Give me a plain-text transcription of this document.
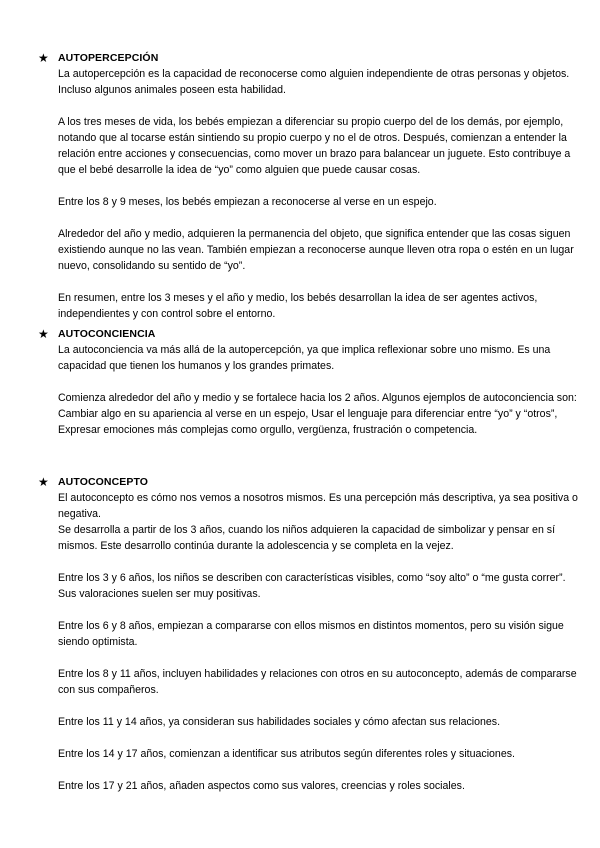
★ AUTOPERCEPCIÓN

La autopercepción es la capacidad de reconocerse como alguien independiente de otras personas y objetos. Incluso algunos animales poseen esta habilidad.

A los tres meses de vida, los bebés empiezan a diferenciar su propio cuerpo del de los demás, por ejemplo, notando que al tocarse están sintiendo su propio cuerpo y no el de otros. Después, comienzan a entender la relación entre acciones y consecuencias, como mover un brazo para balancear un juguete. Esto contribuye a que el bebé desarrolle la idea de “yo” como alguien que puede causar cosas.

Entre los 8 y 9 meses, los bebés empiezan a reconocerse al verse en un espejo.

Alrededor del año y medio, adquieren la permanencia del objeto, que significa entender que las cosas siguen existiendo aunque no las vean. También empiezan a reconocerse aunque lleven otra ropa o estén en un lugar nuevo, consolidando su sentido de “yo”.

En resumen, entre los 3 meses y el año y medio, los bebés desarrollan la idea de ser agentes activos, independientes y con control sobre el entorno.

★ AUTOCONCIENCIA

La autoconciencia va más allá de la autopercepción, ya que implica reflexionar sobre uno mismo. Es una capacidad que tienen los humanos y los grandes primates.

Comienza alrededor del año y medio y se fortalece hacia los 2 años. Algunos ejemplos de autoconciencia son: Cambiar algo en su apariencia al verse en un espejo, Usar el lenguaje para diferenciar entre “yo” y “otros”, Expresar emociones más complejas como orgullo, vergüenza, frustración o competencia.

★ AUTOCONCEPTO

El autoconcepto es cómo nos vemos a nosotros mismos. Es una percepción más descriptiva, ya sea positiva o negativa.

Se desarrolla a partir de los 3 años, cuando los niños adquieren la capacidad de simbolizar y pensar en sí mismos. Este desarrollo continúa durante la adolescencia y se completa en la vejez.

Entre los 3 y 6 años, los niños se describen con características visibles, como “soy alto” o “me gusta correr”. Sus valoraciones suelen ser muy positivas.

Entre los 6 y 8 años, empiezan a compararse con ellos mismos en distintos momentos, pero su visión sigue siendo optimista.

Entre los 8 y 11 años, incluyen habilidades y relaciones con otros en su autoconcepto, además de compararse con sus compañeros.

Entre los 11 y 14 años, ya consideran sus habilidades sociales y cómo afectan sus relaciones.

Entre los 14 y 17 años, comienzan a identificar sus atributos según diferentes roles y situaciones.

Entre los 17 y 21 años, añaden aspectos como sus valores, creencias y roles sociales.
